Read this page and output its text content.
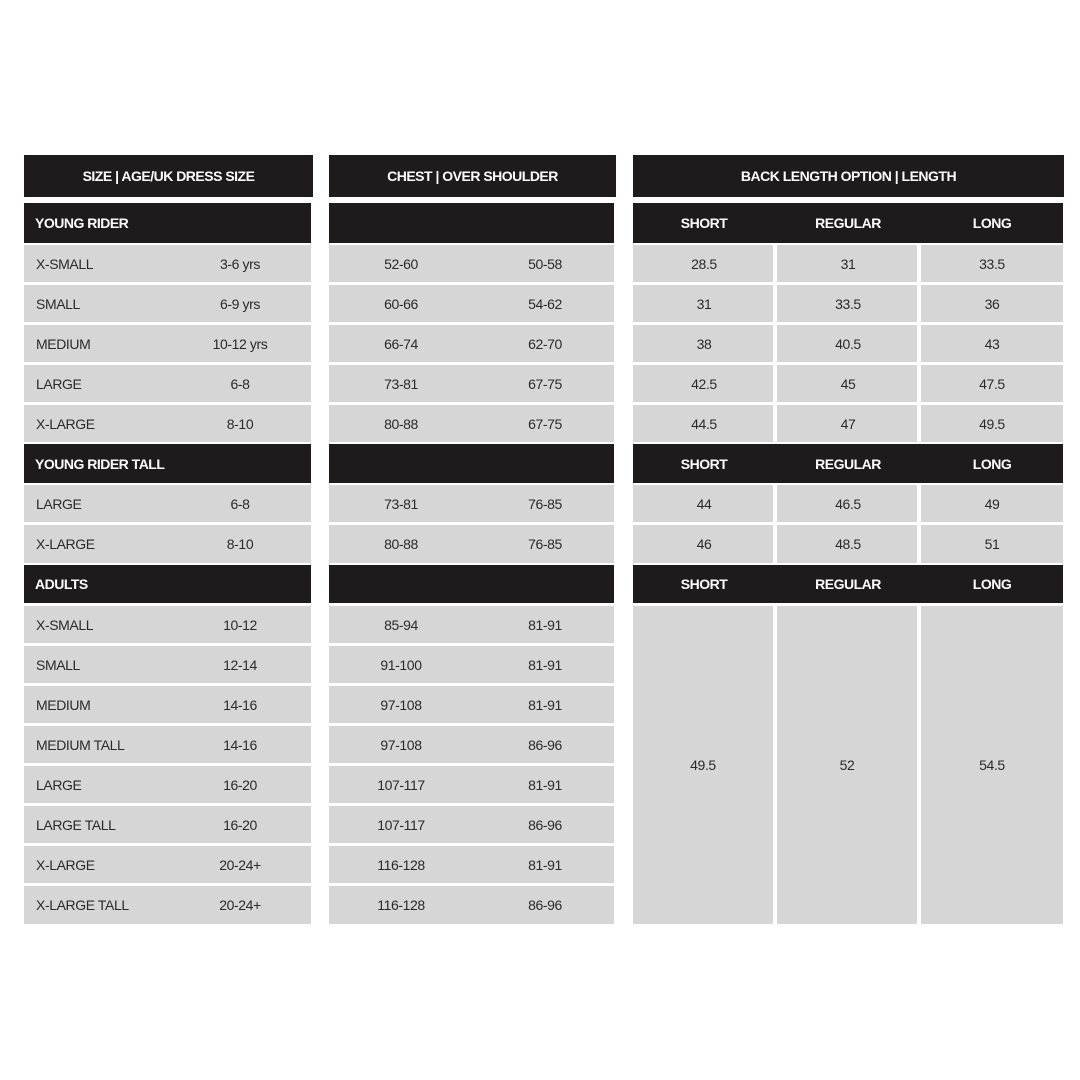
SIZE | AGE/UK DRESS SIZE
YOUNG RIDER
X-SMALL	3-6 yrs
SMALL	6-9 yrs
MEDIUM	10-12 yrs
LARGE	6-8
X-LARGE	8-10
YOUNG RIDER TALL
LARGE	6-8
X-LARGE	8-10
ADULTS
X-SMALL	10-12
SMALL	12-14
MEDIUM	14-16
MEDIUM TALL	14-16
LARGE	16-20
LARGE TALL	16-20
X-LARGE	20-24+
X-LARGE TALL	20-24+
CHEST | OVER SHOULDER
52-60	50-58
60-66	54-62
66-74	62-70
73-81	67-75
80-88	67-75
73-81	76-85
80-88	76-85
85-94	81-91
91-100	81-91
97-108	81-91
97-108	86-96
107-117	81-91
107-117	86-96
116-128	81-91
116-128	86-96
BACK LENGTH OPTION | LENGTH
SHORT	REGULAR	LONG
28.5	31	33.5
31	33.5	36
38	40.5	43
42.5	45	47.5
44.5	47	49.5
SHORT	REGULAR	LONG
44	46.5	49
46	48.5	51
SHORT	REGULAR	LONG
49.5	52	54.5
